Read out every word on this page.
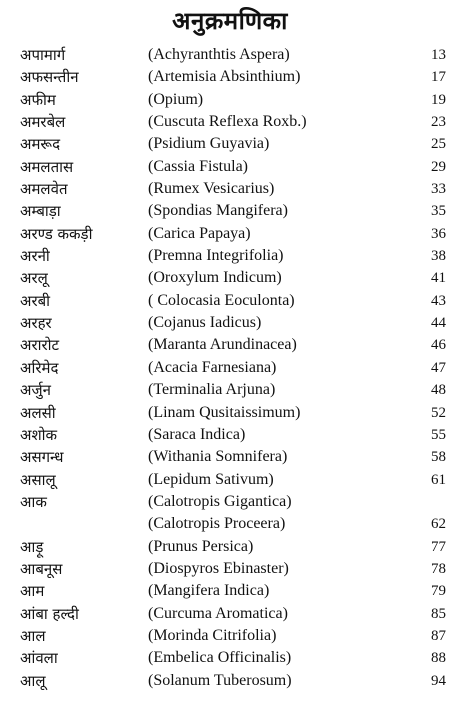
अनुक्रमणिका
अपामार्ग	(Achyranthtis Aspera)	13
अफसन्तीन	(Artemisia Absinthium)	17
अफीम	(Opium)	19
अमरबेल	(Cuscuta Reflexa Roxb.)	23
अमरूद	(Psidium Guyavia)	25
अमलतास	(Cassia Fistula)	29
अमलवेत	(Rumex Vesicarius)	33
अम्बाड़ा	(Spondias Mangifera)	35
अरण्ड ककड़ी	(Carica Papaya)	36
अरनी	(Premna Integrifolia)	38
अरलू	(Oroxylum Indicum)	41
अरबी	( Colocasia Eoculonta)	43
अरहर	(Cojanus Iadicus)	44
अरारोट	(Maranta Arundinacea)	46
अरिमेद	(Acacia Farnesiana)	47
अर्जुन	(Terminalia Arjuna)	48
अलसी	(Linam Qusitaissimum)	52
अशोक	(Saraca Indica)	55
असगन्ध	(Withania Somnifera)	58
असालू	(Lepidum Sativum)	61
आक	(Calotropis Gigantica)
(Calotropis Proceera)	62
आड़ू	(Prunus Persica)	77
आबनूस	(Diospyros Ebinaster)	78
आम	(Mangifera Indica)	79
आंबा हल्दी	(Curcuma Aromatica)	85
आल	(Morinda Citrifolia)	87
आंवला	(Embelica Officinalis)	88
आलू	(Solanum Tuberosum)	94
